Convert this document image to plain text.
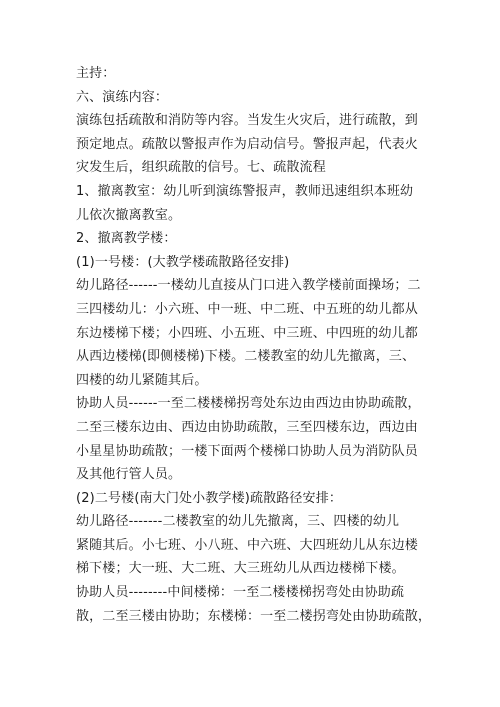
主持：
六、演练内容：
演练包括疏散和消防等内容。当发生火灾后，进行疏散，到
预定地点。疏散以警报声作为启动信号。警报声起，代表火
灾发生后，组织疏散的信号。七、疏散流程
1、撤离教室：幼儿听到演练警报声，教师迅速组织本班幼
儿依次撤离教室。
2、撤离教学楼：
(1)一号楼：(大教学楼疏散路径安排)
幼儿路径------一楼幼儿直接从门口进入教学楼前面操场；二
三四楼幼儿：小六班、中一班、中二班、中五班的幼儿都从
东边楼梯下楼；小四班、小五班、中三班、中四班的幼儿都
从西边楼梯(即侧楼梯)下楼。二楼教室的幼儿先撤离，三、
四楼的幼儿紧随其后。
协助人员------一至二楼楼梯拐弯处东边由西边由协助疏散，
二至三楼东边由、西边由协助疏散，三至四楼东边，西边由
小星星协助疏散；一楼下面两个楼梯口协助人员为消防队员
及其他行管人员。
(2)二号楼(南大门处小教学楼)疏散路径安排：
幼儿路径-------二楼教室的幼儿先撤离，三、四楼的幼儿
紧随其后。小七班、小八班、中六班、大四班幼儿从东边楼
梯下楼；大一班、大二班、大三班幼儿从西边楼梯下楼。
协助人员--------中间楼梯：一至二楼楼梯拐弯处由协助疏
散，二至三楼由协助；东楼梯：一至二楼拐弯处由协助疏散，
